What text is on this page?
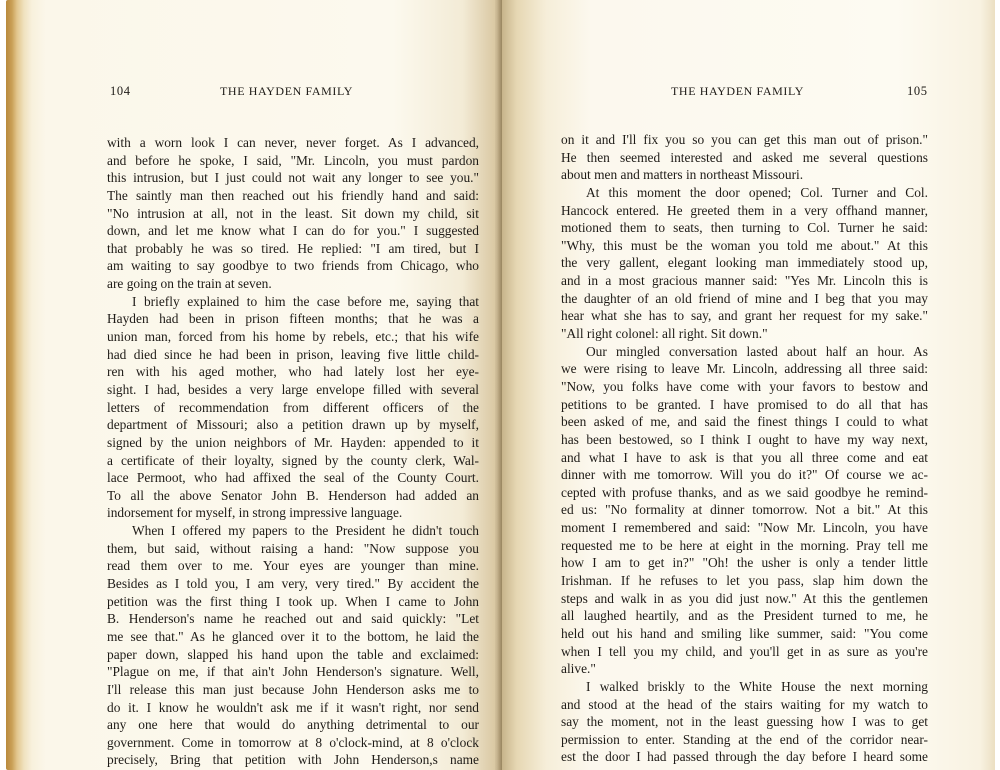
104	THE HAYDEN FAMILY
with a worn look I can never, never forget. As I advanced,
and before he spoke, I said, "Mr. Lincoln, you must pardon
this intrusion, but I just could not wait any longer to see you."
The saintly man then reached out his friendly hand and said:
"No intrusion at all, not in the least. Sit down my child, sit
down, and let me know what I can do for you." I suggested
that probably he was so tired. He replied: "I am tired, but I
am waiting to say goodbye to two friends from Chicago, who
are going on the train at seven.
I briefly explained to him the case before me, saying that
Hayden had been in prison fifteen months; that he was a
union man, forced from his home by rebels, etc.; that his wife
had died since he had been in prison, leaving five little child-
ren with his aged mother, who had lately lost her eye-
sight. I had, besides a very large envelope filled with several
letters of recommendation from different officers of the
department of Missouri; also a petition drawn up by myself,
signed by the union neighbors of Mr. Hayden: appended to it
a certificate of their loyalty, signed by the county clerk, Wal-
lace Permoot, who had affixed the seal of the County Court.
To all the above Senator John B. Henderson had added an
indorsement for myself, in strong impressive language.
When I offered my papers to the President he didn't touch
them, but said, without raising a hand: "Now suppose you
read them over to me. Your eyes are younger than mine.
Besides as I told you, I am very, very tired." By accident the
petition was the first thing I took up. When I came to John
B. Henderson's name he reached out and said quickly: "Let
me see that." As he glanced over it to the bottom, he laid the
paper down, slapped his hand upon the table and exclaimed:
"Plague on me, if that ain't John Henderson's signature. Well,
I'll release this man just because John Henderson asks me to
do it. I know he wouldn't ask me if it wasn't right, nor send
any one here that would do anything detrimental to our
government. Come in tomorrow at 8 o'clock-mind, at 8 o'clock
precisely, Bring that petition with John Henderson,s name
THE HAYDEN FAMILY	105
on it and I'll fix you so you can get this man out of prison."
He then seemed interested and asked me several questions
about men and matters in northeast Missouri.
At this moment the door opened; Col. Turner and Col.
Hancock entered. He greeted them in a very offhand manner,
motioned them to seats, then turning to Col. Turner he said:
"Why, this must be the woman you told me about." At this
the very gallent, elegant looking man immediately stood up,
and in a most gracious manner said: "Yes Mr. Lincoln this is
the daughter of an old friend of mine and I beg that you may
hear what she has to say, and grant her request for my sake."
"All right colonel: all right. Sit down."
Our mingled conversation lasted about half an hour. As
we were rising to leave Mr. Lincoln, addressing all three said:
"Now, you folks have come with your favors to bestow and
petitions to be granted. I have promised to do all that has
been asked of me, and said the finest things I could to what
has been bestowed, so I think I ought to have my way next,
and what I have to ask is that you all three come and eat
dinner with me tomorrow. Will you do it?" Of course we ac-
cepted with profuse thanks, and as we said goodbye he remind-
ed us: "No formality at dinner tomorrow. Not a bit." At this
moment I remembered and said: "Now Mr. Lincoln, you have
requested me to be here at eight in the morning. Pray tell me
how I am to get in?" "Oh! the usher is only a tender little
Irishman. If he refuses to let you pass, slap him down the
steps and walk in as you did just now." At this the gentlemen
all laughed heartily, and as the President turned to me, he
held out his hand and smiling like summer, said: "You come
when I tell you my child, and you'll get in as sure as you're
alive."
I walked briskly to the White House the next morning
and stood at the head of the stairs waiting for my watch to
say the moment, not in the least guessing how I was to get
permission to enter. Standing at the end of the corridor near-
est the door I had passed through the day before I heard some
